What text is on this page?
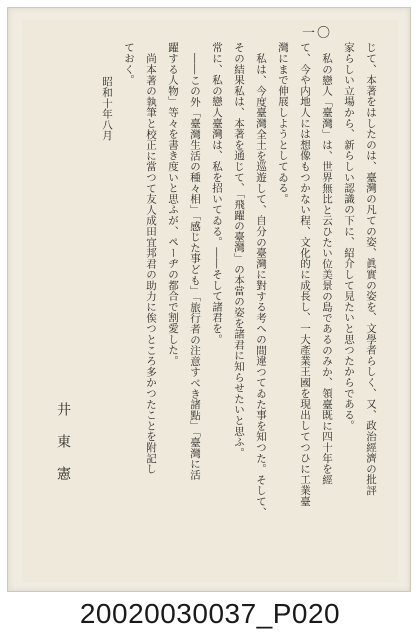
一〇
じて、本著をはしたのは、臺灣の凡ての姿、眞實の姿を、文學者らしく、又、政治經濟の批評
家らしい立場から、新らしい認識の下に、紹介して見たいと思つたからである。
私の戀人「臺灣」は、世界無比と云ひたい位美景の島であるのみか、領臺既に四十年を經
て、今や内地人には想像もつかない程、文化的に成長し、一大產業王國を現出してつひに工業臺
灣にまで伸展しようとしてゐる。
私は、今度臺灣全土を巡遊して、自分の臺灣に對する考への間違つてゐた事を知つた。そして、
その結果私は、本著を通じて、「飛躍の臺灣」の本當の姿を諸君に知らせたいと思ふ。
常に、私の戀人臺灣は、私を招いてゐる。――そして諸君を。
――この外「臺灣生活の種々相」「感じた事ども」「旅行者の注意すべき諸點」「臺灣に活
躍する人物」等々を書き度いと思ふが、ペーヂの都合で割愛した。
尚本著の執筆と校正に當つて友人成田宜邦君の助力に俟つところ多かつたことを附記し
ておく。
昭和十年八月
井東憲
20020030037_P020
